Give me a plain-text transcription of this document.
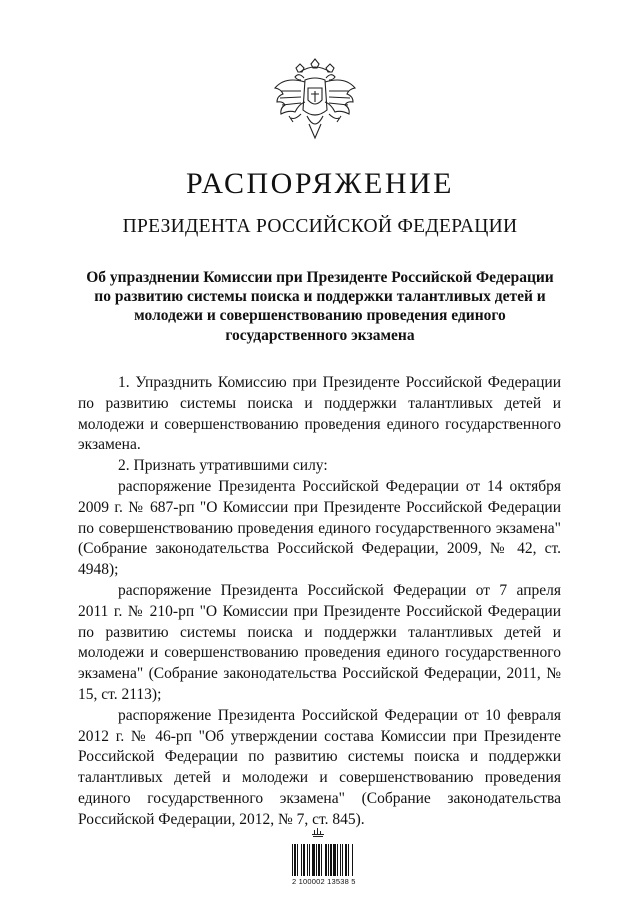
РАСПОРЯЖЕНИЕ
ПРЕЗИДЕНТА РОССИЙСКОЙ ФЕДЕРАЦИИ
Об упразднении Комиссии при Президенте Российской Федерации по развитию системы поиска и поддержки талантливых детей и молодежи и совершенствованию проведения единого государственного экзамена

1. Упразднить Комиссию при Президенте Российской Федерации по развитию системы поиска и поддержки талантливых детей и молодежи и совершенствованию проведения единого государственного экзамена.

2. Признать утратившими силу:

распоряжение Президента Российской Федерации от 14 октября 2009 г. № 687-рп "О Комиссии при Президенте Российской Федерации по совершенствованию проведения единого государственного экзамена" (Собрание законодательства Российской Федерации, 2009, № 42, ст. 4948);

распоряжение Президента Российской Федерации от 7 апреля 2011 г. № 210-рп "О Комиссии при Президенте Российской Федерации по развитию системы поиска и поддержки талантливых детей и молодежи и совершенствованию проведения единого государственного экзамена" (Собрание законодательства Российской Федерации, 2011, № 15, ст. 2113);

распоряжение Президента Российской Федерации от 10 февраля 2012 г. № 46-рп "Об утверждении состава Комиссии при Президенте Российской Федерации по развитию системы поиска и поддержки талантливых детей и молодежи и совершенствованию проведения единого государственного экзамена" (Собрание законодательства Российской Федерации, 2012, № 7, ст. 845).

2 100002 13538 5
